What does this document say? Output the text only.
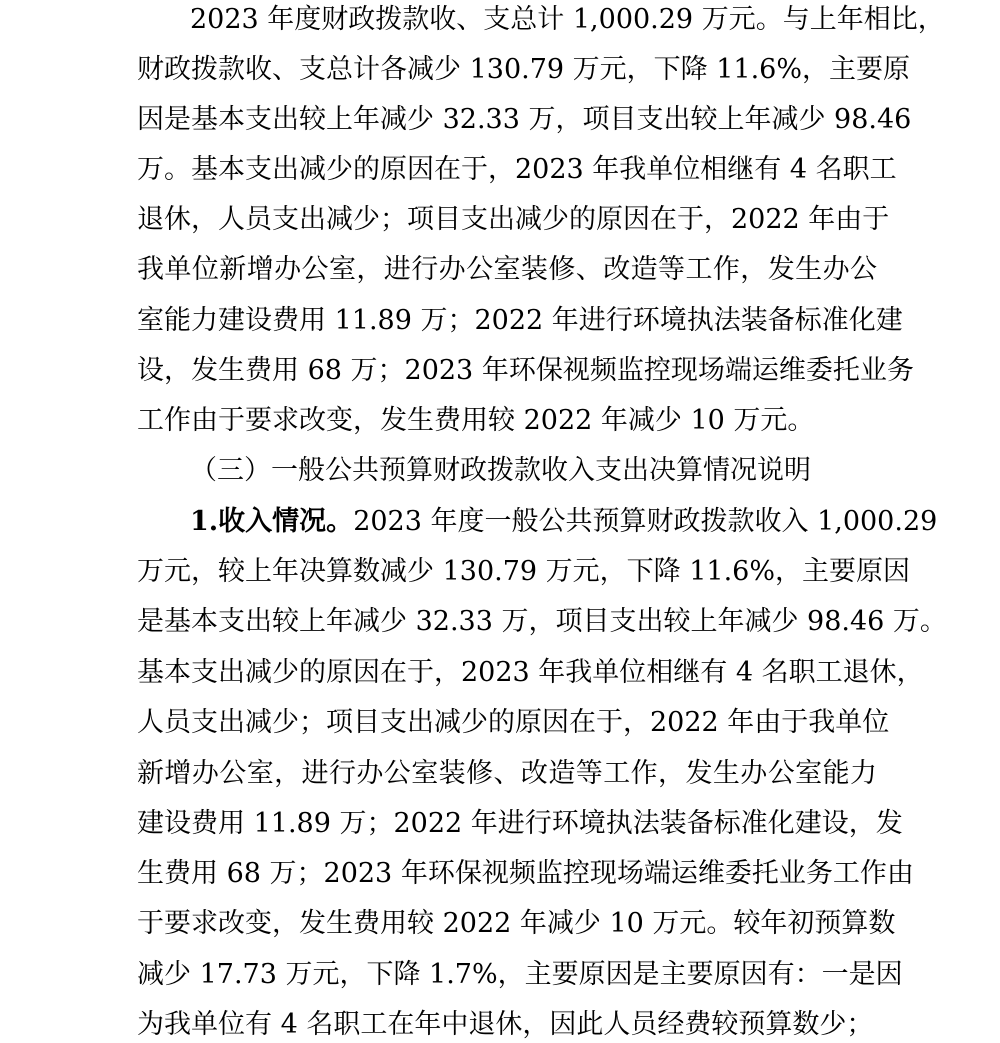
2023 年度财政拨款收、支总计 1,000.29 万元。与上年相比，
财政拨款收、支总计各减少 130.79 万元，下降 11.6%，主要原
因是基本支出较上年减少 32.33 万，项目支出较上年减少 98.46
万。基本支出减少的原因在于，2023 年我单位相继有 4 名职工
退休，人员支出减少；项目支出减少的原因在于，2022 年由于
我单位新增办公室，进行办公室装修、改造等工作，发生办公
室能力建设费用 11.89 万；2022 年进行环境执法装备标准化建
设，发生费用 68 万；2023 年环保视频监控现场端运维委托业务
工作由于要求改变，发生费用较 2022 年减少 10 万元。
（三）一般公共预算财政拨款收入支出决算情况说明
1.收入情况。2023 年度一般公共预算财政拨款收入 1,000.29
万元，较上年决算数减少 130.79 万元，下降 11.6%，主要原因
是基本支出较上年减少 32.33 万，项目支出较上年减少 98.46 万。
基本支出减少的原因在于，2023 年我单位相继有 4 名职工退休，
人员支出减少；项目支出减少的原因在于，2022 年由于我单位
新增办公室，进行办公室装修、改造等工作，发生办公室能力
建设费用 11.89 万；2022 年进行环境执法装备标准化建设，发
生费用 68 万；2023 年环保视频监控现场端运维委托业务工作由
于要求改变，发生费用较 2022 年减少 10 万元。较年初预算数
减少 17.73 万元，下降 1.7%，主要原因是主要原因有：一是因
为我单位有 4 名职工在年中退休，因此人员经费较预算数少；
